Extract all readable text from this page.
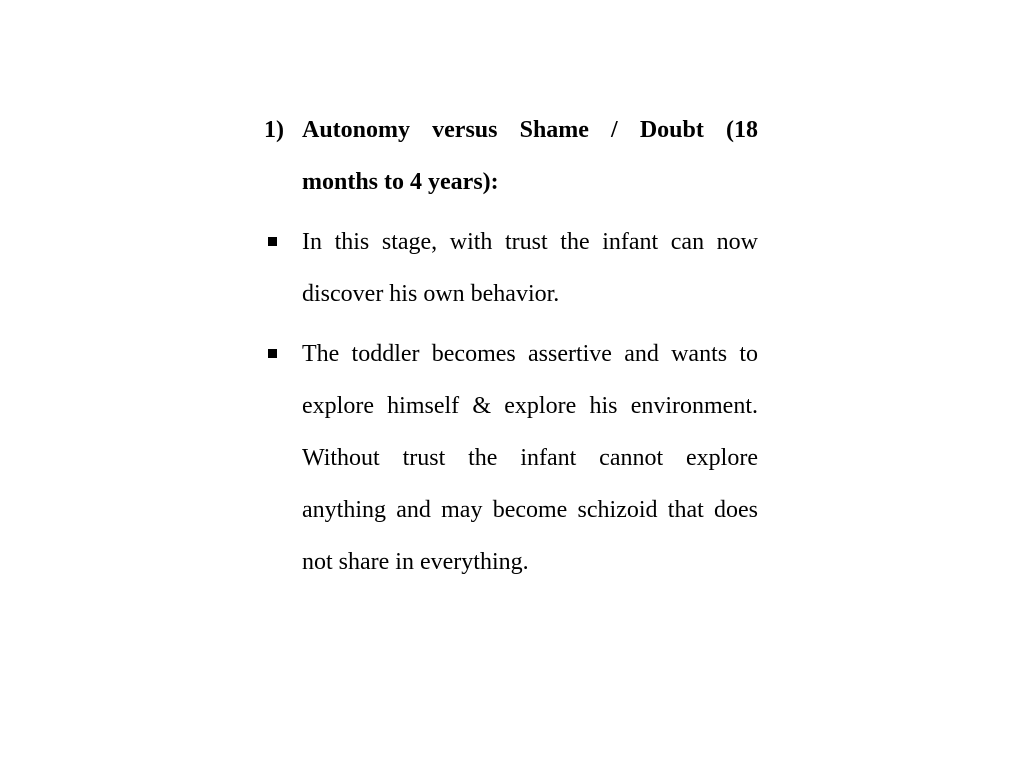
1) Autonomy versus Shame / Doubt (18 months to 4 years):
In this stage, with trust the infant can now discover his own behavior.
The toddler becomes assertive and wants to explore himself & explore his environment. Without trust the infant cannot explore anything and may become schizoid that does not share in everything.
